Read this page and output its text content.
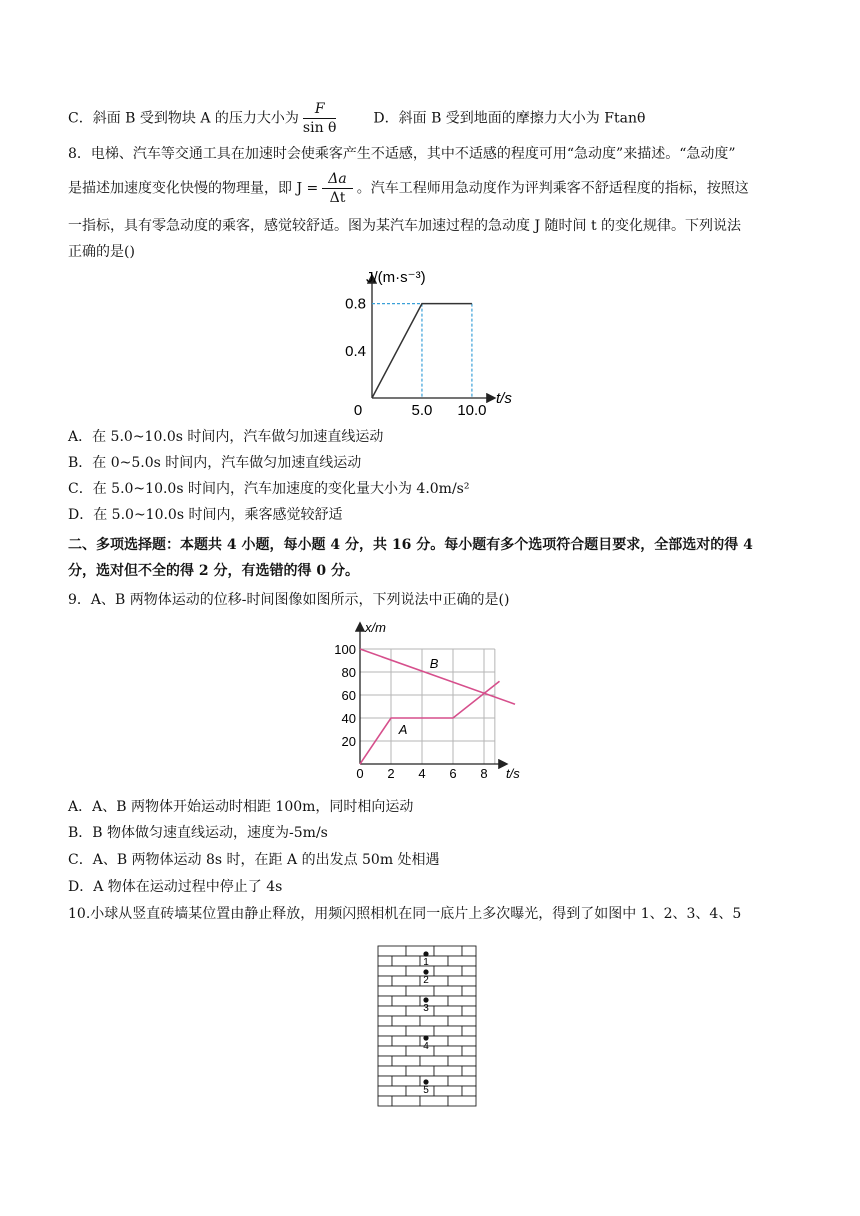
C．斜面 B 受到物块 A 的压力大小为 $\frac{F}{\text{sin θ}}$	D．斜面 B 受到地面的摩擦力大小为 Ftanθ
8．电梯、汽车等交通工具在加速时会使乘客产生不适感，其中不适感的程度可用“急动度”来描述。“急动度”
是描述加速度变化快慢的物理量，即 $J = \frac{\Delta a}{\Delta t}$ 。汽车工程师用急动度作为评判乘客不舒适程度的指标，按照这
一指标，具有零急动度的乘客，感觉较舒适。图为某汽车加速过程的急动度 J 随时间 t 的变化规律。下列说法
正确的是()
J/(m·s⁻³)
t/s
0	5.0 10.0
0.4
0.8
A．在 5.0~10.0s 时间内，汽车做匀加速直线运动
B．在 0~5.0s 时间内，汽车做匀加速直线运动
C．在 5.0~10.0s 时间内，汽车加速度的变化量大小为 4.0m/s²
D．在 5.0~10.0s 时间内，乘客感觉较舒适
二、多项选择题：本题共 4 小题，每小题 4 分，共 16 分。每小题有多个选项符合题目要求，全部选对的得 4
分，选对但不全的得 2 分，有选错的得 0 分。
9．A、B 两物体运动的位移-时间图像如图所示，下列说法中正确的是()
x/m
t/s
0 2 4 6 8
20
40
60
80
100
A
B
A．A、B 两物体开始运动时相距 100m，同时相向运动
B．B 物体做匀速直线运动，速度为-5m/s
C．A、B 两物体运动 8s 时，在距 A 的出发点 50m 处相遇
D．A 物体在运动过程中停止了 4s
10.小球从竖直砖墙某位置由静止释放，用频闪照相机在同一底片上多次曝光，得到了如图中 1、2、3、4、5
1
2
3
4
5
